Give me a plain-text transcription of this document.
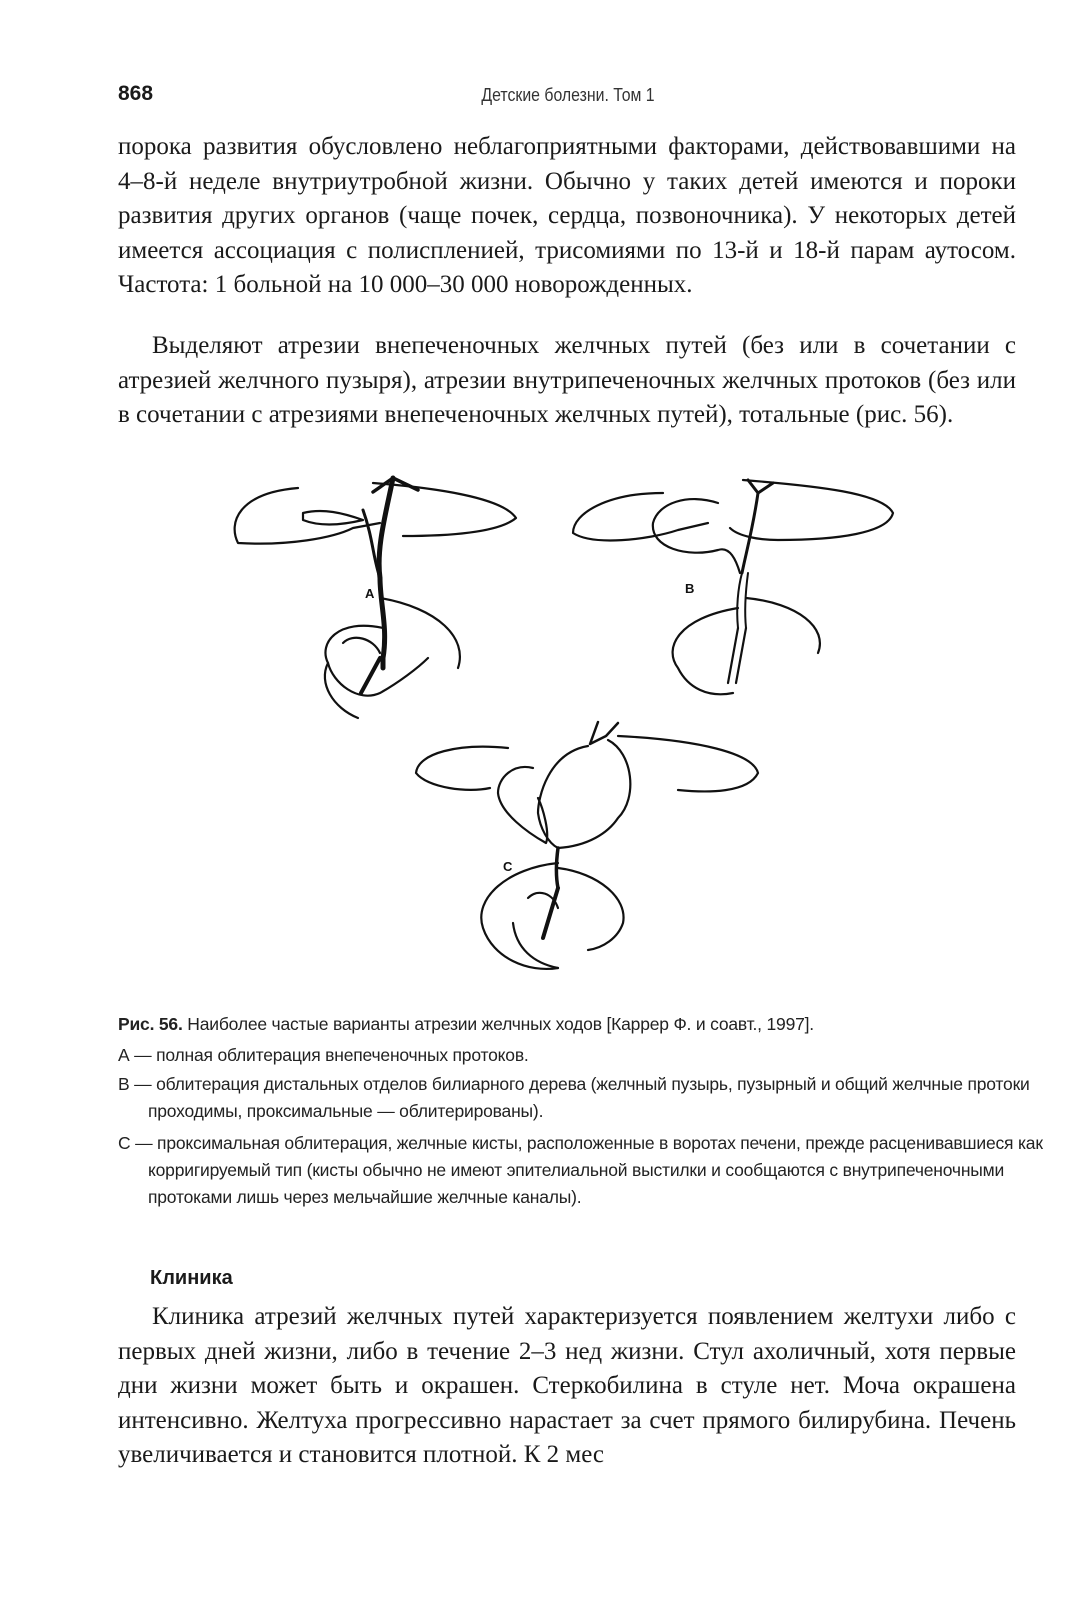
868	Детские болезни. Том 1
порока развития обусловлено неблагоприятными факторами, действовавшими на 4–8-й неделе внутриутробной жизни. Обычно у таких детей имеются и пороки развития других органов (чаще почек, сердца, позвоночника). У некоторых детей имеется ассоциация с полиспленией, трисомиями по 13-й и 18-й парам аутосом. Частота: 1 больной на 10 000–30 000 новорожденных.
Выделяют атрезии внепеченочных желчных путей (без или в сочетании с атрезией желчного пузыря), атрезии внутрипеченочных желчных протоков (без или в сочетании с атрезиями внепеченочных желчных путей), тотальные (рис. 56).
A	B
C
Рис. 56. Наиболее частые варианты атрезии желчных ходов [Каррер Ф. и соавт., 1997].
А — полная облитерация внепеченочных протоков.
В — облитерация дистальных отделов билиарного дерева (желчный пузырь, пузырный и общий желчные протоки проходимы, проксимальные — облитерированы).
С — проксимальная облитерация, желчные кисты, расположенные в воротах печени, прежде расценивавшиеся как корригируемый тип (кисты обычно не имеют эпителиальной выстилки и сообщаются с внутрипеченочными протоками лишь через мельчайшие желчные каналы).
Клиника
Клиника атрезий желчных путей характеризуется появлением желтухи либо с первых дней жизни, либо в течение 2–3 нед жизни. Стул ахоличный, хотя первые дни жизни может быть и окрашен. Стеркобилина в стуле нет. Моча окрашена интенсивно. Желтуха прогрессивно нарастает за счет прямого билирубина. Печень увеличивается и становится плотной. К 2 мес
